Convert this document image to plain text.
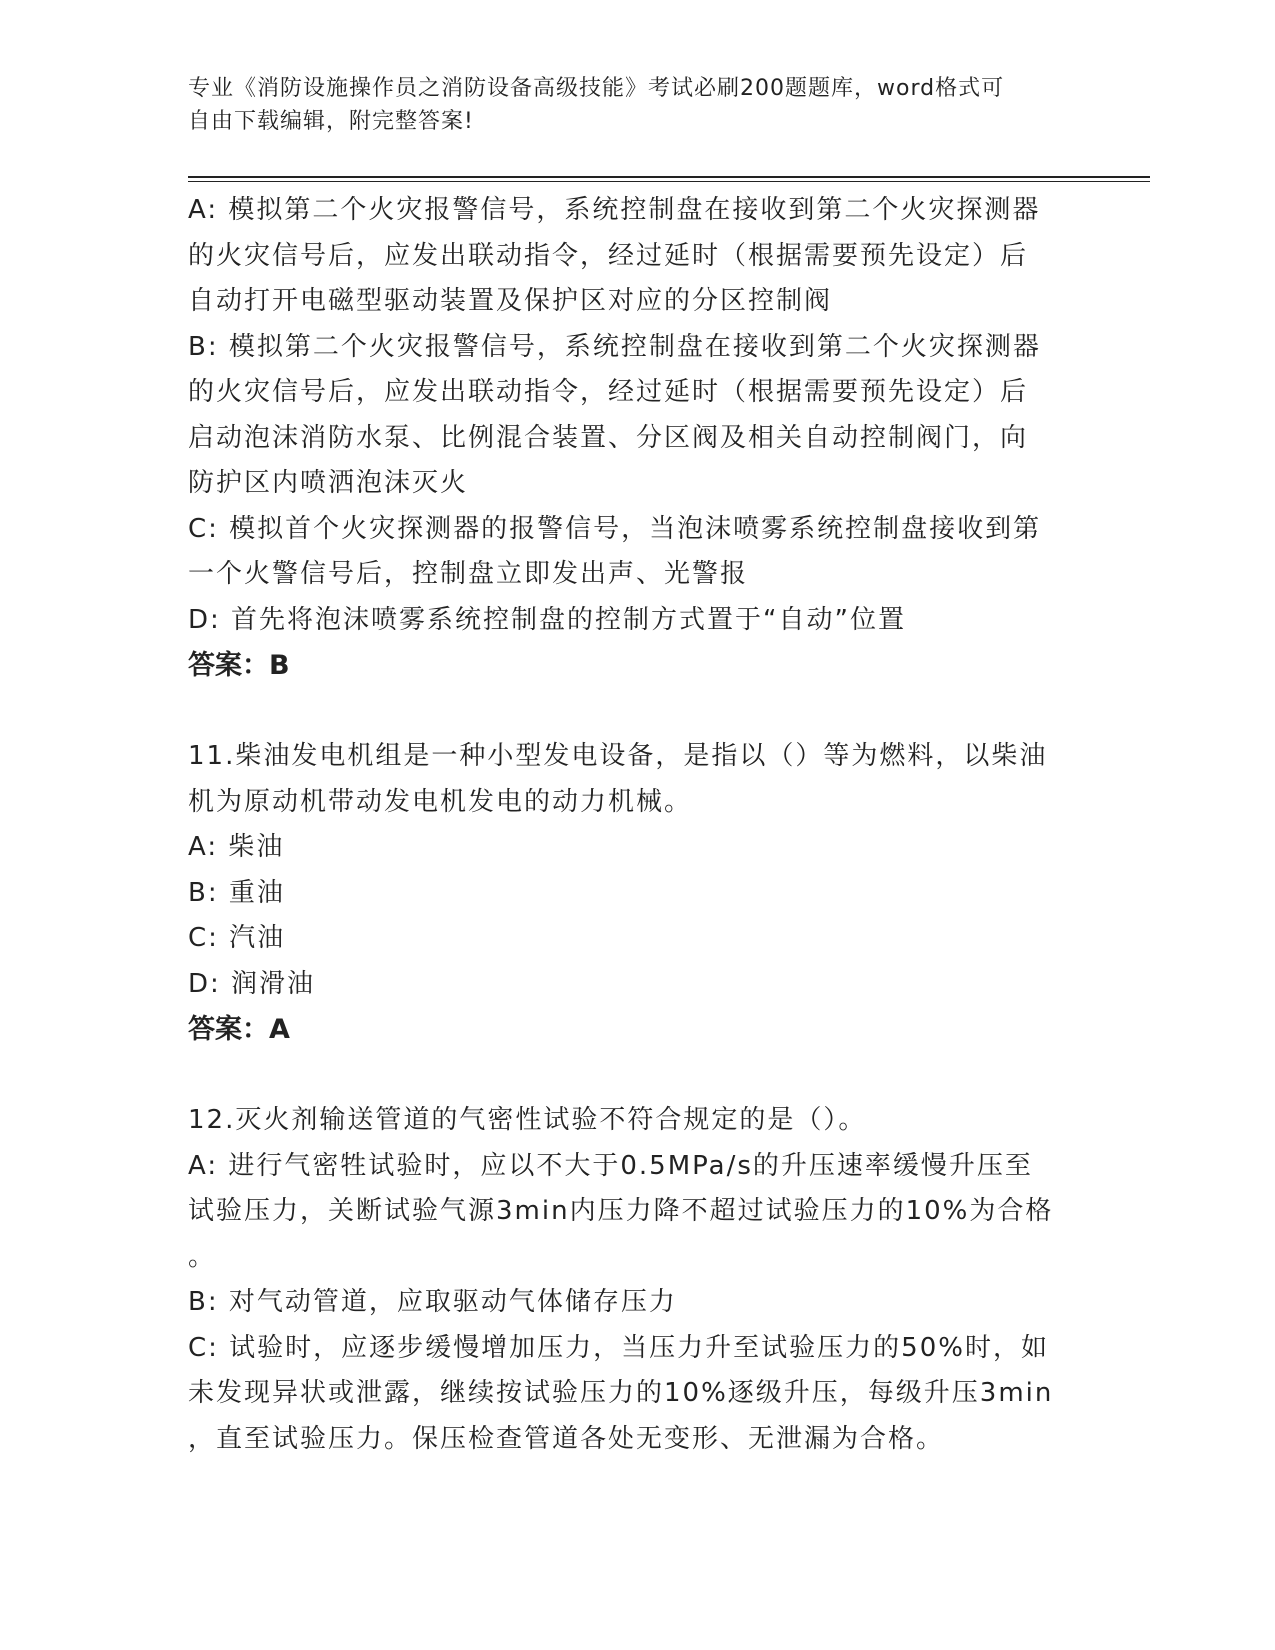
专业《消防设施操作员之消防设备高级技能》考试必刷200题题库，word格式可
自由下载编辑，附完整答案!
A: 模拟第二个火灾报警信号，系统控制盘在接收到第二个火灾探测器
的火灾信号后，应发出联动指令，经过延时（根据需要预先设定）后
自动打开电磁型驱动装置及保护区对应的分区控制阀
B: 模拟第二个火灾报警信号，系统控制盘在接收到第二个火灾探测器
的火灾信号后，应发出联动指令，经过延时（根据需要预先设定）后
启动泡沫消防水泵、比例混合装置、分区阀及相关自动控制阀门，向
防护区内喷洒泡沫灭火
C: 模拟首个火灾探测器的报警信号，当泡沫喷雾系统控制盘接收到第
一个火警信号后，控制盘立即发出声、光警报
D: 首先将泡沫喷雾系统控制盘的控制方式置于“自动”位置
答案：B
11.柴油发电机组是一种小型发电设备，是指以（）等为燃料，以柴油
机为原动机带动发电机发电的动力机械。
A: 柴油
B: 重油
C: 汽油
D: 润滑油
答案：A
12.灭火剂输送管道的气密性试验不符合规定的是（）。
A: 进行气密牲试验时，应以不大于0.5MPa/s的升压速率缓慢升压至
试验压力，关断试验气源3min内压力降不超过试验压力的10%为合格
。
B: 对气动管道，应取驱动气体储存压力
C: 试验时，应逐步缓慢增加压力，当压力升至试验压力的50%时，如
未发现异状或泄露，继续按试验压力的10%逐级升压，每级升压3min
，直至试验压力。保压检查管道各处无变形、无泄漏为合格。
